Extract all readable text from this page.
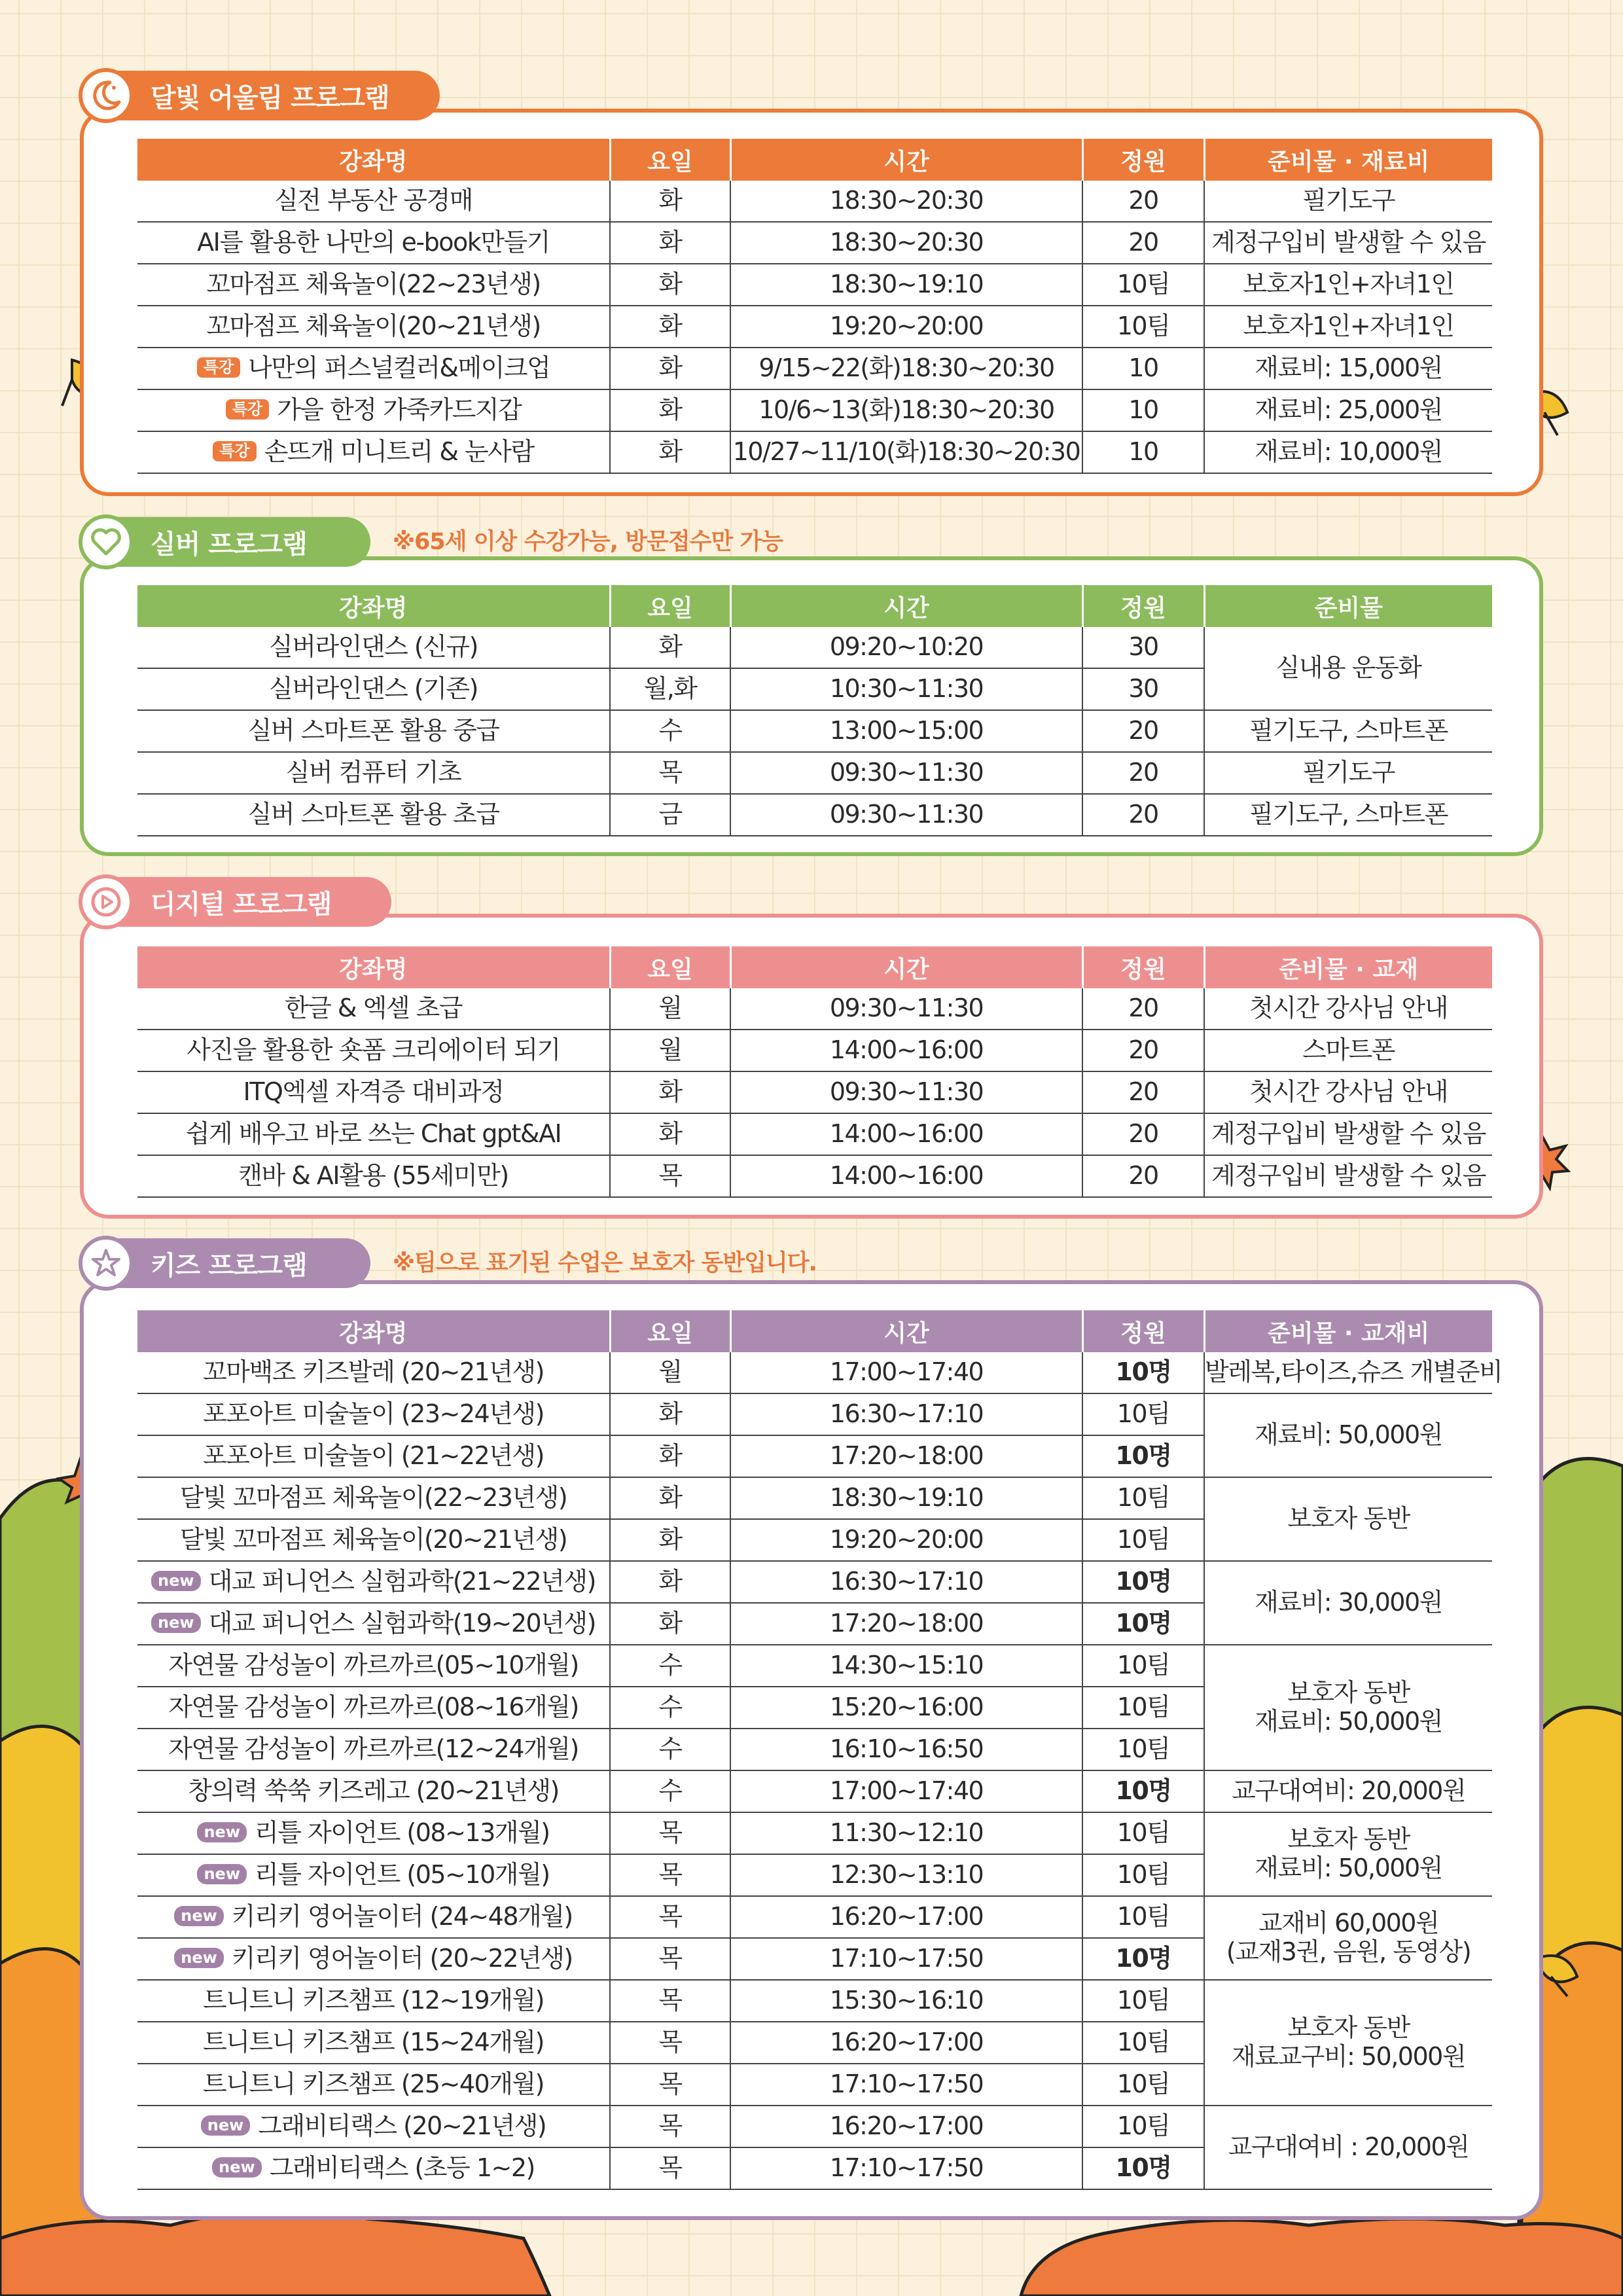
강좌명	요일	시간	정원	준비물 · 재료비
실전 부동산 공경매	화	18:30~20:30	20	필기도구
AI를 활용한 나만의 e-book만들기	화	18:30~20:30	20	계정구입비 발생할 수 있음
꼬마점프 체육놀이(22~23년생)	화	18:30~19:10	10팀	보호자1인+자녀1인
꼬마점프 체육놀이(20~21년생)	화	19:20~20:00	10팀	보호자1인+자녀1인
특강 나만의 퍼스널컬러&메이크업	화	9/15~22(화)18:30~20:30	10	재료비: 15,000원
특강 가을 한정 가죽카드지갑	화	10/6~13(화)18:30~20:30	10	재료비: 25,000원
특강 손뜨개 미니트리 & 눈사람	화	10/27~11/10(화)18:30~20:30	10	재료비: 10,000원
달빛 어울림 프로그램
강좌명	요일	시간	정원	준비물
실버라인댄스 (신규)	화	09:20~10:20	30	실내용 운동화
실버라인댄스 (기존)	월,화	10:30~11:30	30	
실버 스마트폰 활용 중급	수	13:00~15:00	20	필기도구, 스마트폰
실버 컴퓨터 기초	목	09:30~11:30	20	필기도구
실버 스마트폰 활용 초급	금	09:30~11:30	20	필기도구, 스마트폰
실버 프로그램	※65세 이상 수강가능, 방문접수만 가능
강좌명	요일	시간	정원	준비물 · 교재
한글 & 엑셀 초급	월	09:30~11:30	20	첫시간 강사님 안내
사진을 활용한 숏폼 크리에이터 되기	월	14:00~16:00	20	스마트폰
ITQ엑셀 자격증 대비과정	화	09:30~11:30	20	첫시간 강사님 안내
쉽게 배우고 바로 쓰는 Chat gpt&AI	화	14:00~16:00	20	계정구입비 발생할 수 있음
캔바 & AI활용 (55세미만)	목	14:00~16:00	20	계정구입비 발생할 수 있음
디지털 프로그램
강좌명	요일	시간	정원	준비물 · 교재비
꼬마백조 키즈발레 (20~21년생)	월	17:00~17:40	10명	발레복,타이즈,슈즈 개별준비

포포아트 미술놀이 (23~24년생)	화	16:30~17:10	10팀	재료비: 50,000원

포포아트 미술놀이 (21~22년생)	화	17:20~18:00	10명	
달빛 꼬마점프 체육놀이(22~23년생)	화	18:30~19:10	10팀	보호자 동반

달빛 꼬마점프 체육놀이(20~21년생)	화	19:20~20:00	10팀	
new 대교 퍼니언스 실험과학(21~22년생)	화	16:30~17:10	10명	재료비: 30,000원

new 대교 퍼니언스 실험과학(19~20년생)	화	17:20~18:00	10명	
자연물 감성놀이 까르까르(05~10개월)	수	14:30~15:10	10팀	보호자 동반
재료비: 50,000원

자연물 감성놀이 까르까르(08~16개월)	수	15:20~16:00	10팀	
자연물 감성놀이 까르까르(12~24개월)	수	16:10~16:50	10팀	
창의력 쑥쑥 키즈레고 (20~21년생)	수	17:00~17:40	10명	교구대여비: 20,000원

new 리틀 자이언트 (08~13개월)	목	11:30~12:10	10팀	보호자 동반
재료비: 50,000원

new 리틀 자이언트 (05~10개월)	목	12:30~13:10	10팀	
new 키리키 영어놀이터 (24~48개월)	목	16:20~17:00	10팀	교재비 60,000원
(교재3권, 음원, 동영상)

new 키리키 영어놀이터 (20~22년생)	목	17:10~17:50	10명	
트니트니 키즈챔프 (12~19개월)	목	15:30~16:10	10팀	보호자 동반
재료교구비: 50,000원

트니트니 키즈챔프 (15~24개월)	목	16:20~17:00	10팀	
트니트니 키즈챔프 (25~40개월)	목	17:10~17:50	10팀	
new 그래비티랙스 (20~21년생)	목	16:20~17:00	10팀	교구대여비 : 20,000원

new 그래비티랙스 (초등 1~2)	목	17:10~17:50	10명	
키즈 프로그램	※팀으로 표기된 수업은 보호자 동반입니다.
